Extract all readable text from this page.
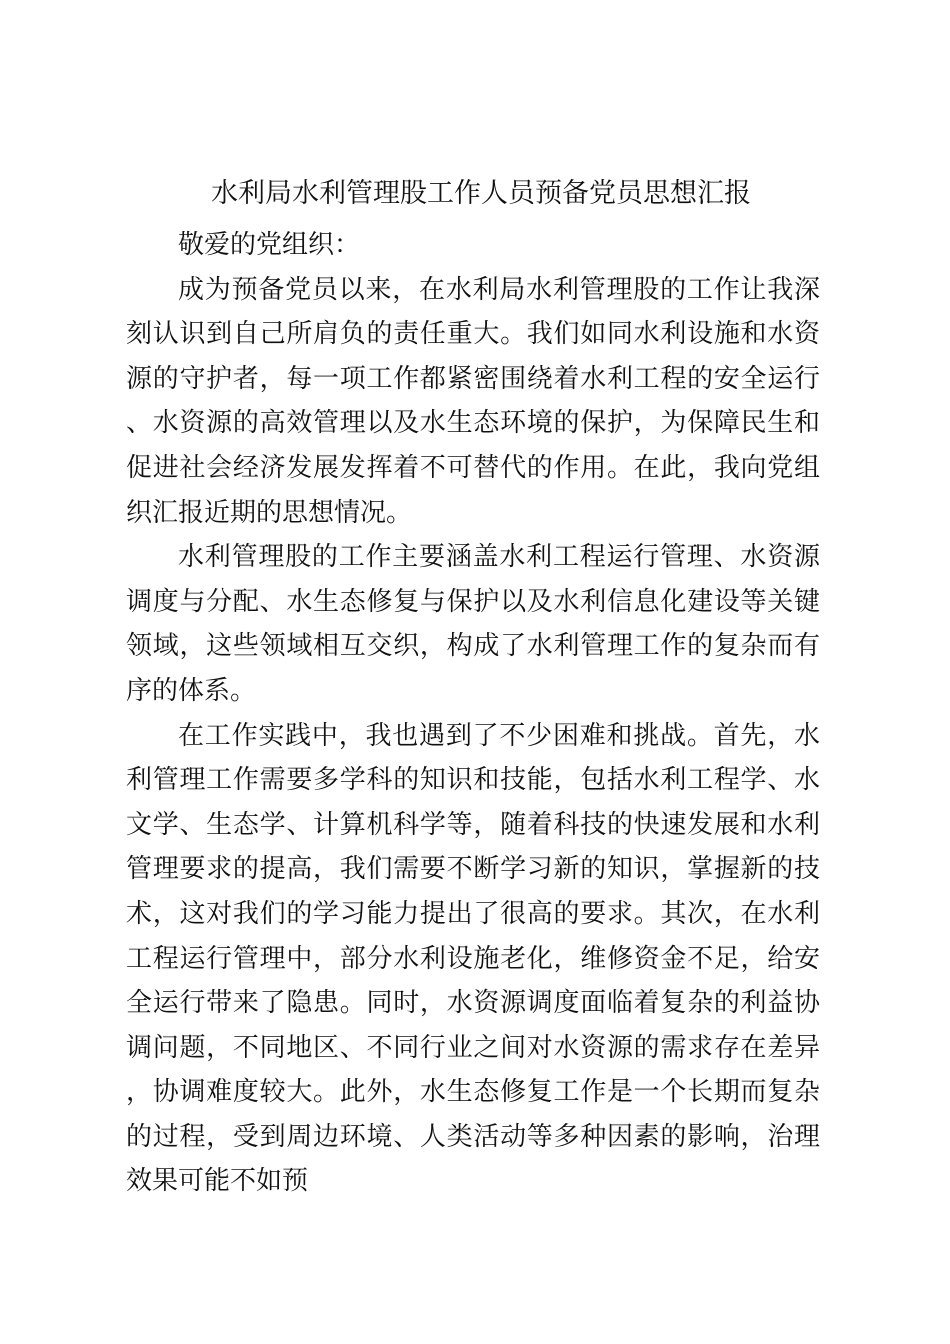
水利局水利管理股工作人员预备党员思想汇报

敬爱的党组织：

成为预备党员以来，在水利局水利管理股的工作让我深刻认识到自己所肩负的责任重大。我们如同水利设施和水资源的守护者，每一项工作都紧密围绕着水利工程的安全运行、水资源的高效管理以及水生态环境的保护，为保障民生和促进社会经济发展发挥着不可替代的作用。在此，我向党组织汇报近期的思想情况。

水利管理股的工作主要涵盖水利工程运行管理、水资源调度与分配、水生态修复与保护以及水利信息化建设等关键领域，这些领域相互交织，构成了水利管理工作的复杂而有序的体系。

在工作实践中，我也遇到了不少困难和挑战。首先，水利管理工作需要多学科的知识和技能，包括水利工程学、水文学、生态学、计算机科学等，随着科技的快速发展和水利管理要求的提高，我们需要不断学习新的知识，掌握新的技术，这对我们的学习能力提出了很高的要求。其次，在水利工程运行管理中，部分水利设施老化，维修资金不足，给安全运行带来了隐患。同时，水资源调度面临着复杂的利益协调问题，不同地区、不同行业之间对水资源的需求存在差异，协调难度较大。此外，水生态修复工作是一个长期而复杂的过程，受到周边环境、人类活动等多种因素的影响，治理效果可能不如预
